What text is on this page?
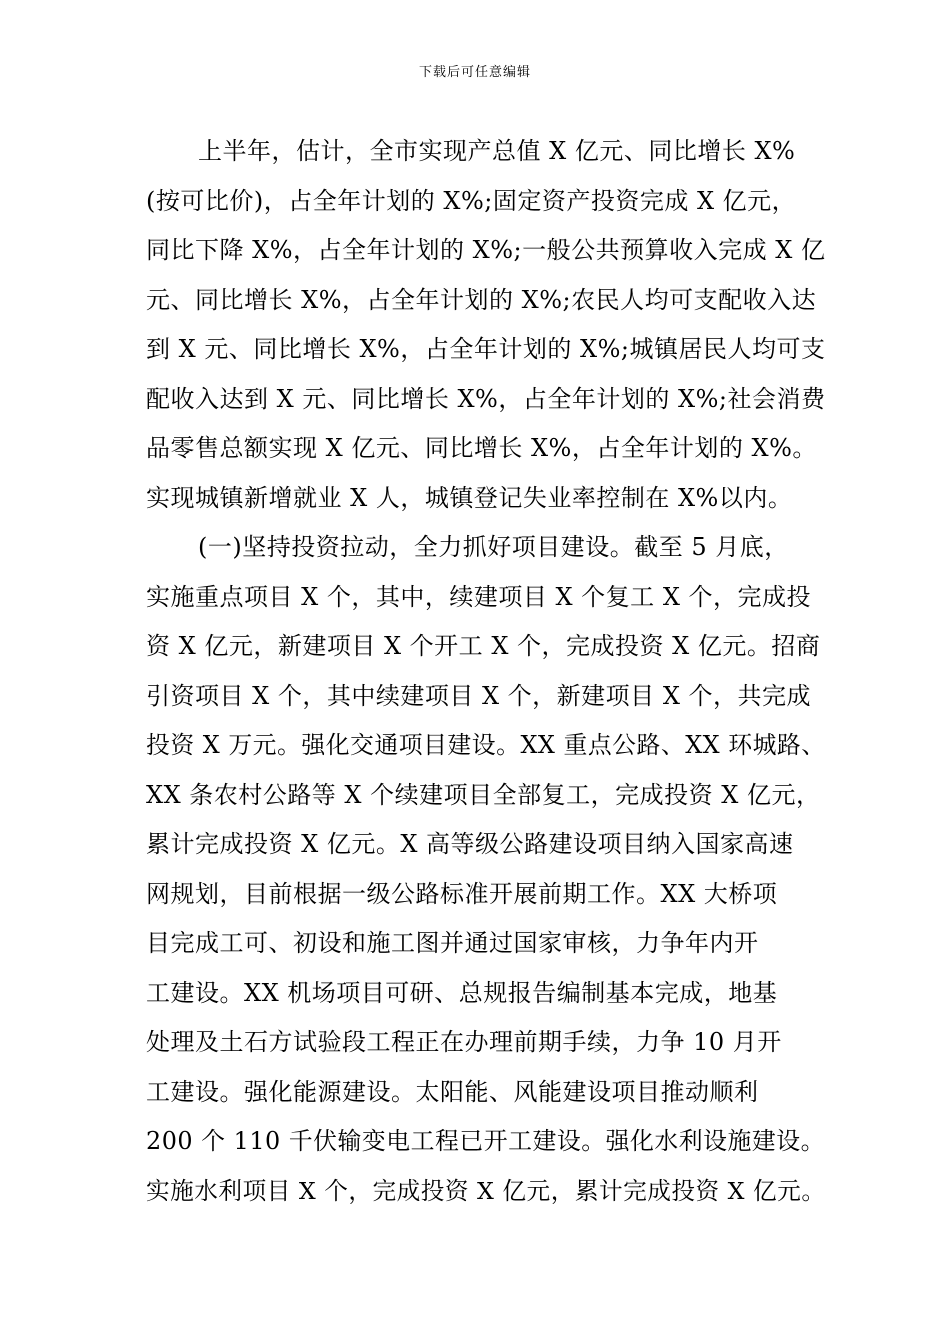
下载后可任意编辑
上半年，估计，全市实现产总值 X 亿元、同比增长 X%
(按可比价)，占全年计划的 X%;固定资产投资完成 X 亿元，
同比下降 X%，占全年计划的 X%;一般公共预算收入完成 X 亿
元、同比增长 X%，占全年计划的 X%;农民人均可支配收入达
到 X 元、同比增长 X%，占全年计划的 X%;城镇居民人均可支
配收入达到 X 元、同比增长 X%，占全年计划的 X%;社会消费
品零售总额实现 X 亿元、同比增长 X%，占全年计划的 X%。
实现城镇新增就业 X 人，城镇登记失业率控制在 X%以内。
(一)坚持投资拉动，全力抓好项目建设。截至 5 月底，
实施重点项目 X 个，其中，续建项目 X 个复工 X 个，完成投
资 X 亿元，新建项目 X 个开工 X 个，完成投资 X 亿元。招商
引资项目 X 个，其中续建项目 X 个，新建项目 X 个，共完成
投资 X 万元。强化交通项目建设。XX 重点公路、XX 环城路、
XX 条农村公路等 X 个续建项目全部复工，完成投资 X 亿元，
累计完成投资 X 亿元。X 高等级公路建设项目纳入国家高速
网规划，目前根据一级公路标准开展前期工作。XX 大桥项
目完成工可、初设和施工图并通过国家审核，力争年内开
工建设。XX 机场项目可研、总规报告编制基本完成，地基
处理及土石方试验段工程正在办理前期手续，力争 10 月开
工建设。强化能源建设。太阳能、风能建设项目推动顺利
200 个 110 千伏输变电工程已开工建设。强化水利设施建设。
实施水利项目 X 个，完成投资 X 亿元，累计完成投资 X 亿元。
